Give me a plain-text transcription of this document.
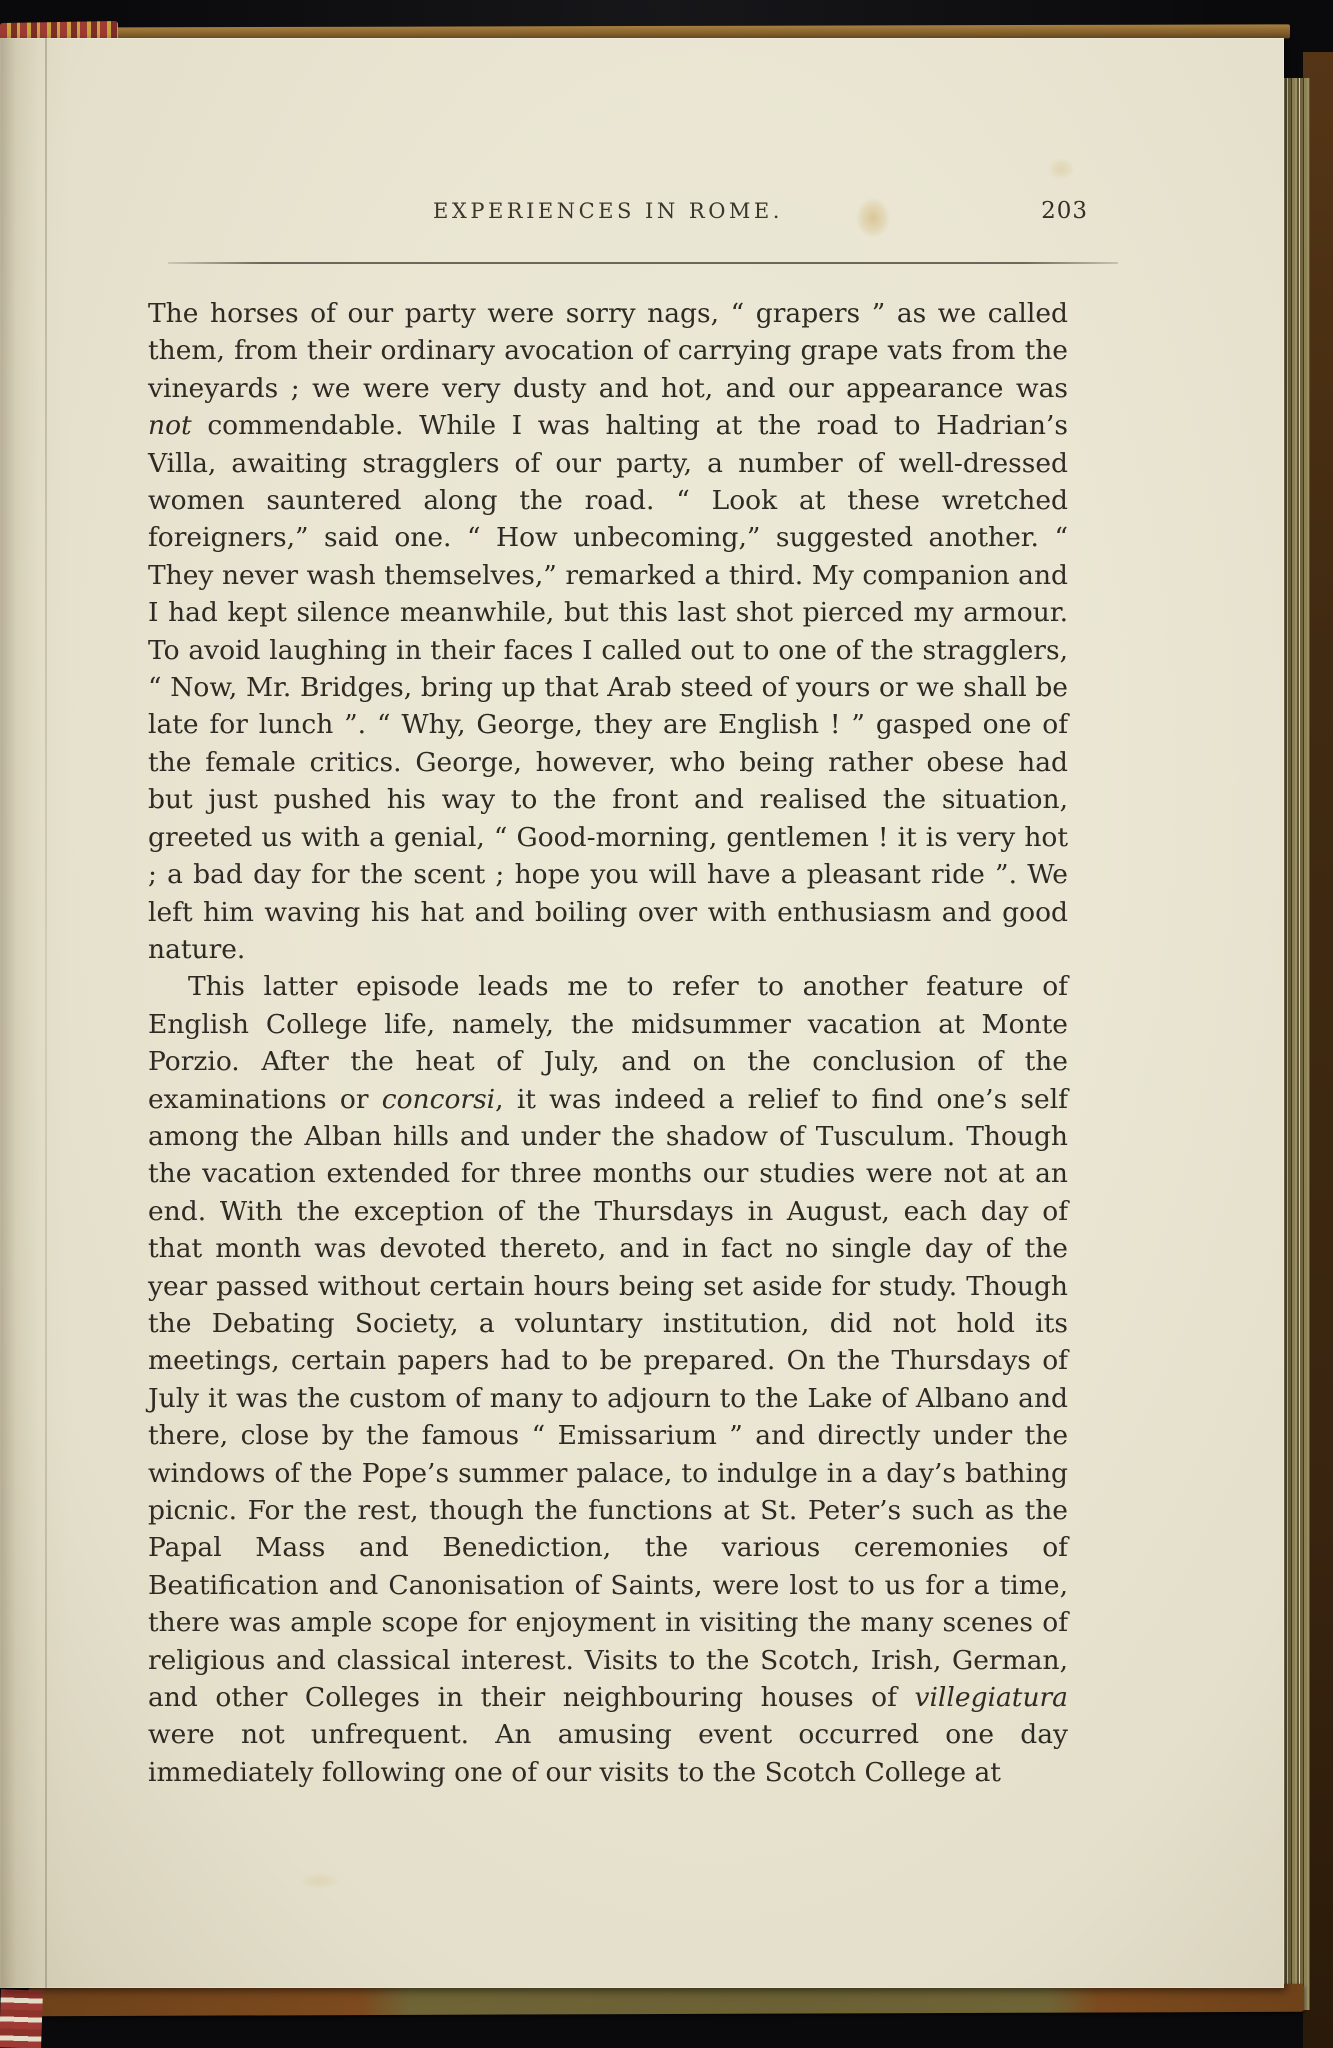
EXPERIENCES IN ROME.	203

The horses of our party were sorry nags, “ grapers ” as we called them, from their ordinary avocation of carrying grape vats from the vineyards ; we were very dusty and hot, and our appearance was not commendable. While I was halting at the road to Hadrian’s Villa, awaiting stragglers of our party, a number of well-dressed women sauntered along the road. “ Look at these wretched foreigners,” said one. “ How unbecoming,” suggested another. “ They never wash themselves,” remarked a third. My companion and I had kept silence meanwhile, but this last shot pierced my armour. To avoid laughing in their faces I called out to one of the stragglers, “ Now, Mr. Bridges, bring up that Arab steed of yours or we shall be late for lunch ”. “ Why, George, they are English ! ” gasped one of the female critics. George, however, who being rather obese had but just pushed his way to the front and realised the situation, greeted us with a genial, “ Good-morning, gentlemen ! it is very hot ; a bad day for the scent ; hope you will have a pleasant ride ”. We left him waving his hat and boiling over with enthusiasm and good nature.

This latter episode leads me to refer to another feature of English College life, namely, the midsummer vacation at Monte Porzio. After the heat of July, and on the conclusion of the examinations or concorsi, it was indeed a relief to find one’s self among the Alban hills and under the shadow of Tusculum. Though the vacation extended for three months our studies were not at an end. With the exception of the Thursdays in August, each day of that month was devoted thereto, and in fact no single day of the year passed without certain hours being set aside for study. Though the Debating Society, a voluntary institution, did not hold its meetings, certain papers had to be prepared. On the Thursdays of July it was the custom of many to adjourn to the Lake of Albano and there, close by the famous “ Emissarium ” and directly under the windows of the Pope’s summer palace, to indulge in a day’s bathing picnic. For the rest, though the functions at St. Peter’s such as the Papal Mass and Benediction, the various ceremonies of Beatification and Canonisation of Saints, were lost to us for a time, there was ample scope for enjoyment in visiting the many scenes of religious and classical interest. Visits to the Scotch, Irish, German, and other Colleges in their neighbouring houses of villegiatura were not unfrequent. An amusing event occurred one day immediately following one of our visits to the Scotch College at
